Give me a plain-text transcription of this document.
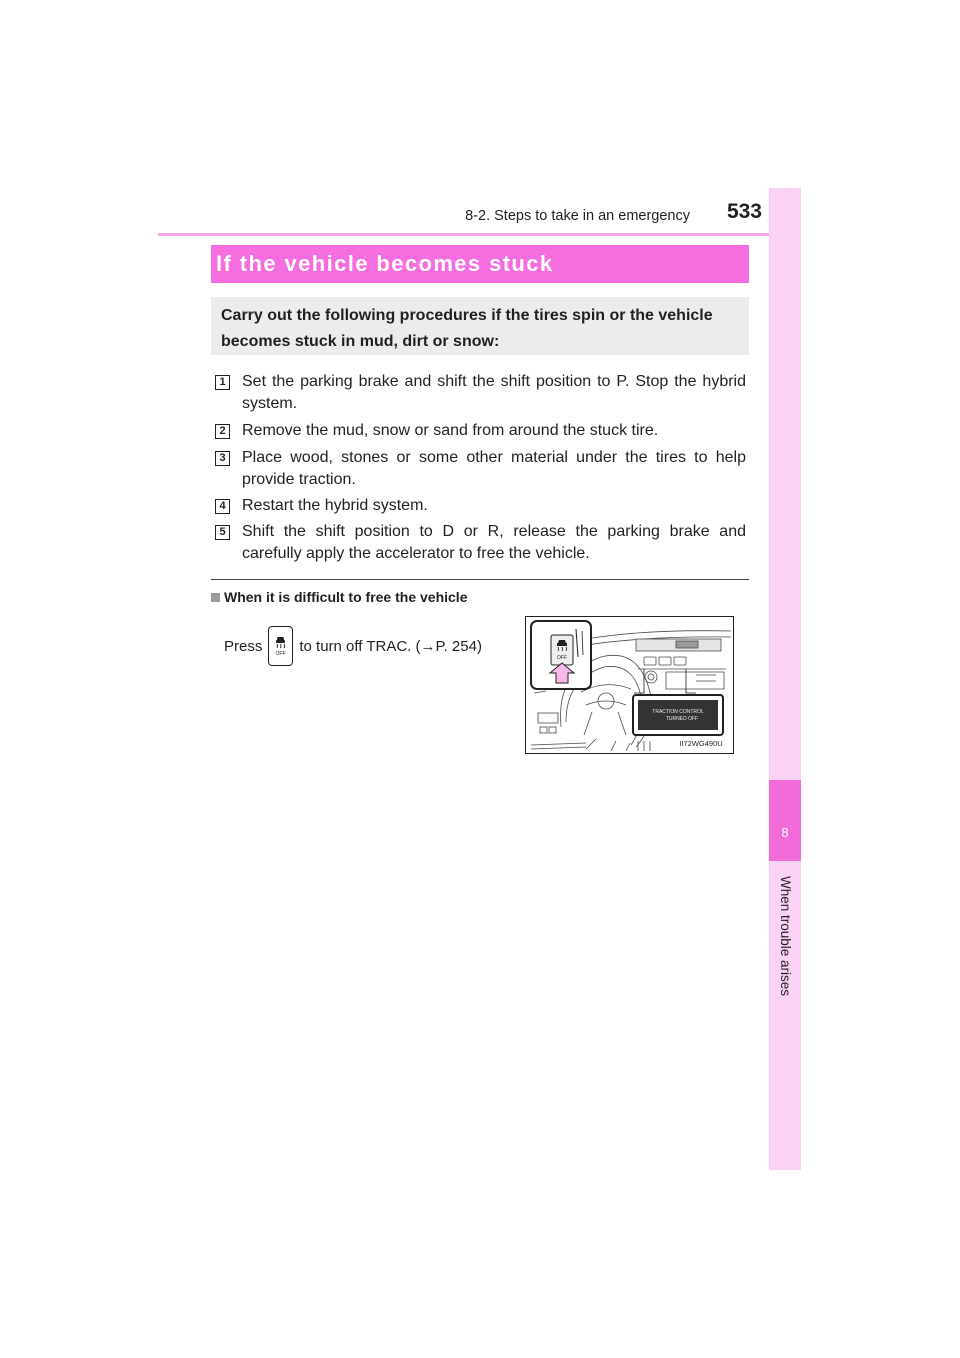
8-2. Steps to take in an emergency	533
8
When trouble arises
If the vehicle becomes stuck
Carry out the following procedures if the tires spin or the vehicle becomes stuck in mud, dirt or snow:
1 Set the parking brake and shift the shift position to P. Stop the hybrid system.
2 Remove the mud, snow or sand from around the stuck tire.
3 Place wood, stones or some other material under the tires to help provide traction.
4 Restart the hybrid system.
5 Shift the shift position to D or R, release the parking brake and carefully apply the accelerator to free the vehicle.
When it is difficult to free the vehicle
Press	OFF to turn off TRAC. (→P. 254)
OFF
TRACTION CONTROL
TURNED OFF
II72WG490U
